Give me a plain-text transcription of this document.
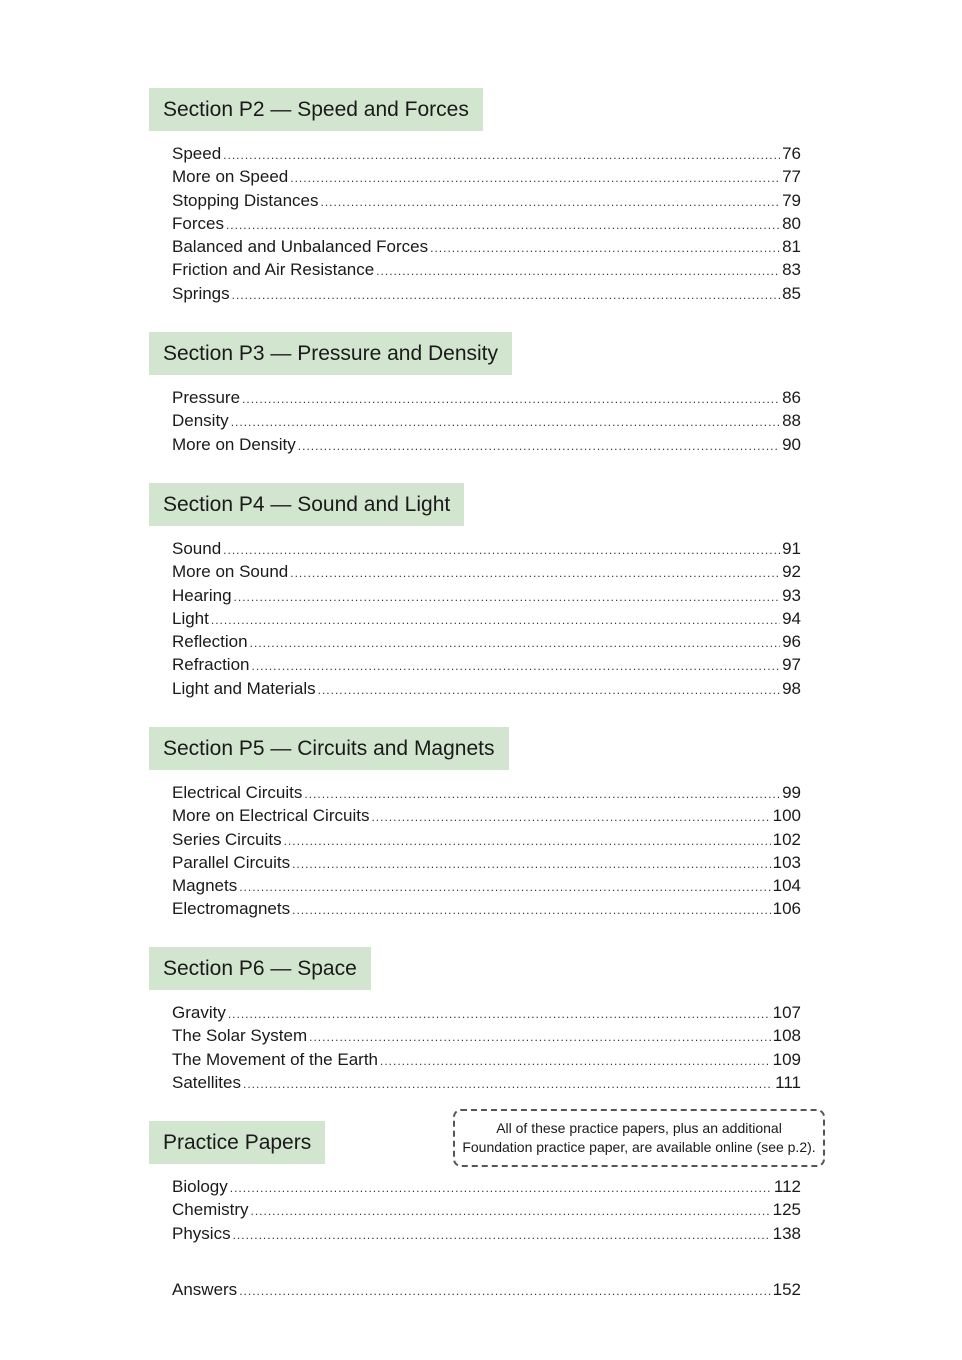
Section P2 — Speed and Forces
Speed .....	76
More on Speed .....	77
Stopping Distances .....	79
Forces .....	80
Balanced and Unbalanced Forces .....	81
Friction and Air Resistance .....	83
Springs .....	85
Section P3 — Pressure and Density
Pressure .....	86
Density .....	88
More on Density .....	90
Section P4 — Sound and Light
Sound .....	91
More on Sound .....	92
Hearing .....	93
Light .....	94
Reflection .....	96
Refraction .....	97
Light and Materials .....	98
Section P5 — Circuits and Magnets
Electrical Circuits .....	99
More on Electrical Circuits .....	100
Series Circuits .....	102
Parallel Circuits .....	103
Magnets .....	104
Electromagnets .....	106
Section P6 — Space
Gravity .....	107
The Solar System .....	108
The Movement of the Earth .....	109
Satellites .....	111
Practice Papers
Biology .....	112
Chemistry .....	125
Physics .....	138
All of these practice papers, plus an additional
Foundation practice paper, are available online (see p.2).
Answers .....	152
